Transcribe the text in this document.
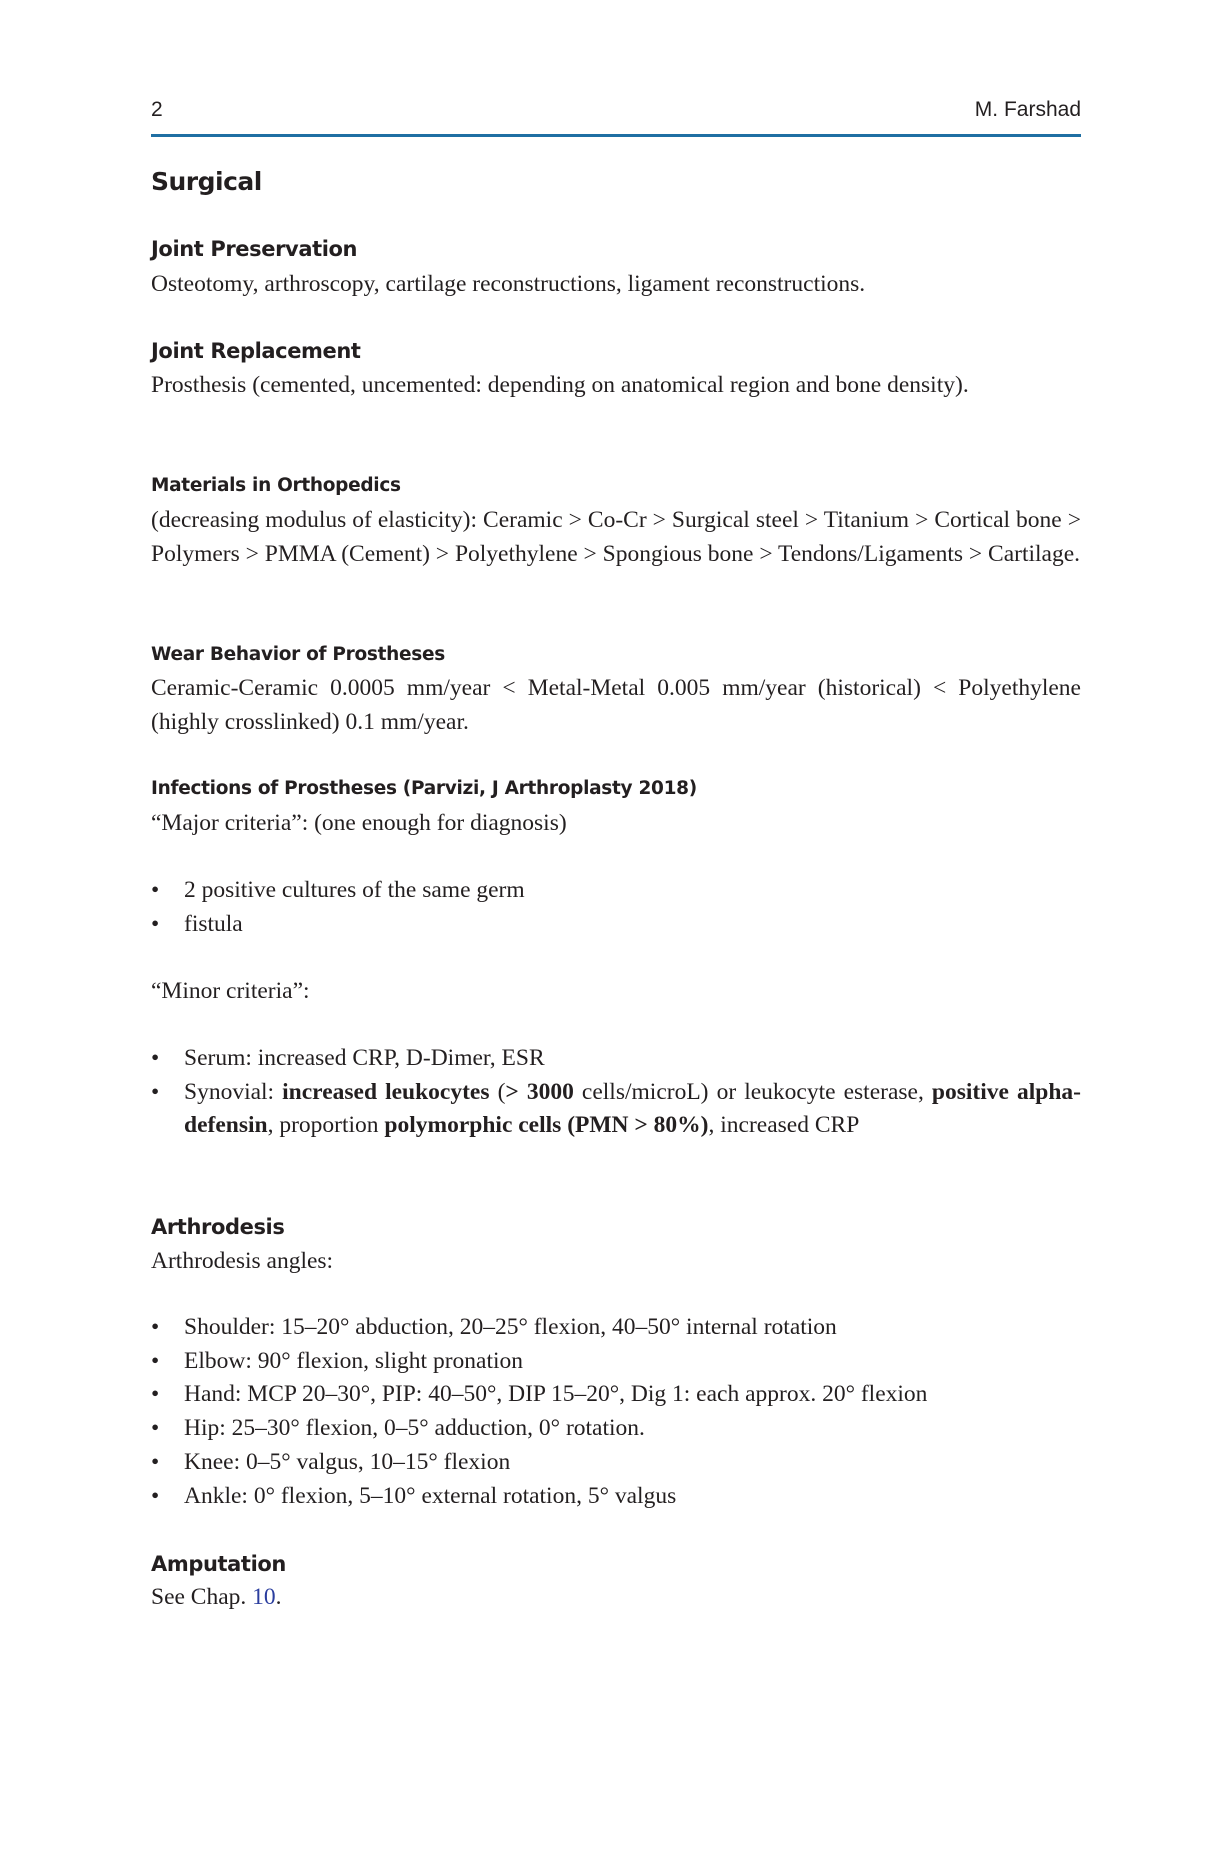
2	M. Farshad
Surgical
Joint Preservation
Osteotomy, arthroscopy, cartilage reconstructions, ligament reconstructions.
Joint Replacement
Prosthesis (cemented, uncemented: depending on anatomical region and bone density).
Materials in Orthopedics
(decreasing modulus of elasticity): Ceramic > Co-Cr > Surgical steel > Titanium > Cortical bone > Polymers > PMMA (Cement) > Polyethylene > Spongious bone > Tendons/Ligaments > Cartilage.
Wear Behavior of Prostheses
Ceramic-Ceramic 0.0005 mm/year < Metal-Metal 0.005 mm/year (historical) < Polyethylene (highly crosslinked) 0.1 mm/year.
Infections of Prostheses (Parvizi, J Arthroplasty 2018)
“Major criteria”: (one enough for diagnosis)
• 2 positive cultures of the same germ
• fistula
“Minor criteria”:
• Serum: increased CRP, D-Dimer, ESR
• Synovial: increased leukocytes (> 3000 cells/microL) or leukocyte esterase, positive alpha-defensin, proportion polymorphic cells (PMN > 80%), increased CRP
Arthrodesis
Arthrodesis angles:
• Shoulder: 15–20° abduction, 20–25° flexion, 40–50° internal rotation
• Elbow: 90° flexion, slight pronation
• Hand: MCP 20–30°, PIP: 40–50°, DIP 15–20°, Dig 1: each approx. 20° flexion
• Hip: 25–30° flexion, 0–5° adduction, 0° rotation.
• Knee: 0–5° valgus, 10–15° flexion
• Ankle: 0° flexion, 5–10° external rotation, 5° valgus
Amputation
See Chap. 10.
